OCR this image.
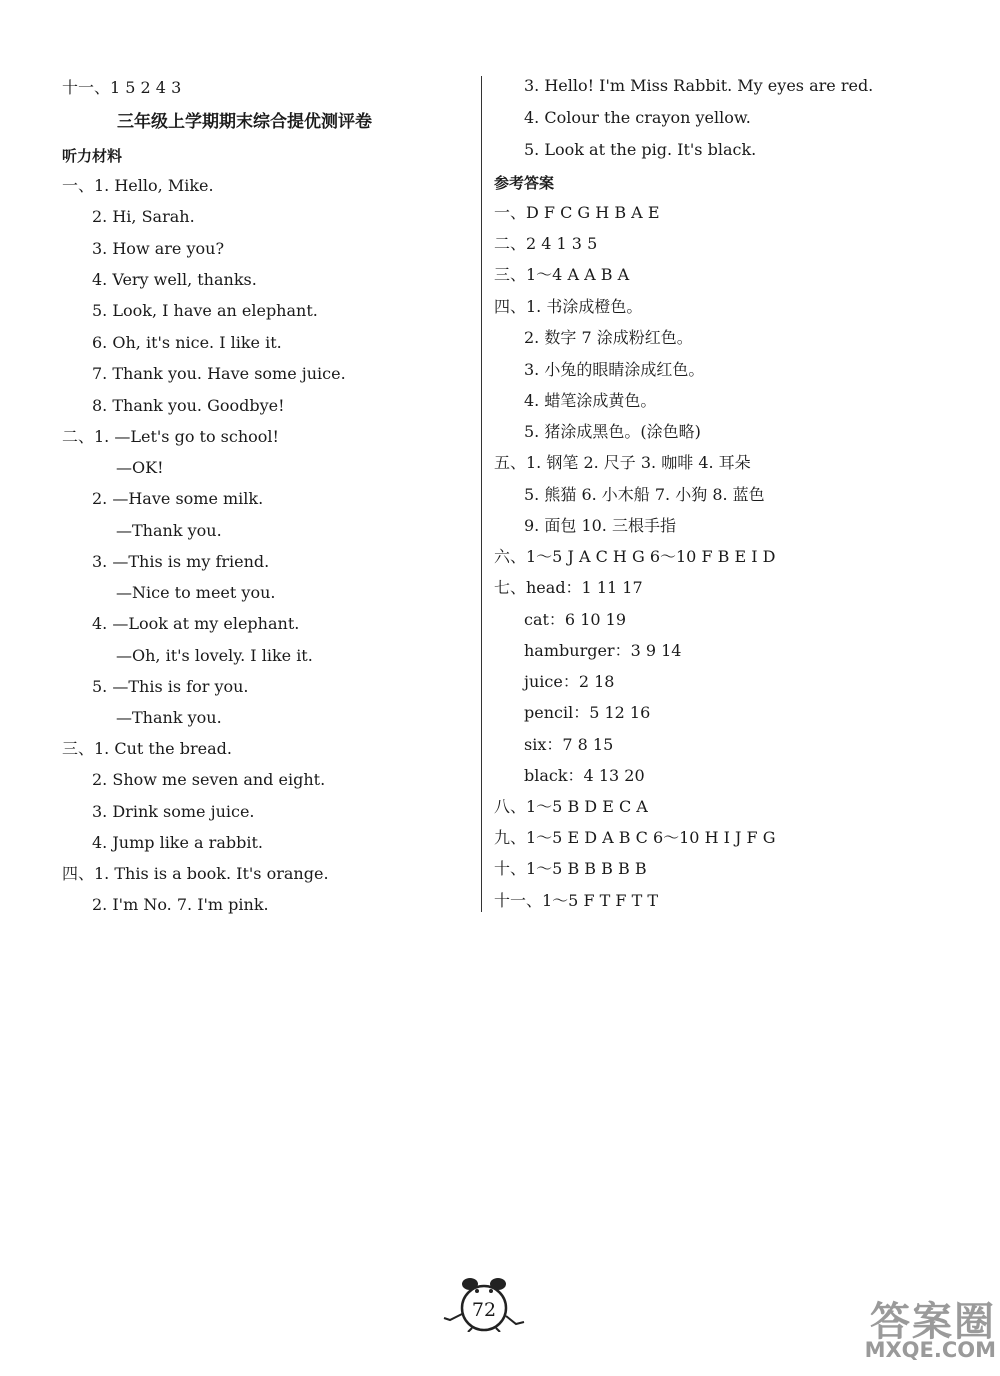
十一、1 5 2 4 3
三年级上学期期末综合提优测评卷
听力材料
一、1. Hello, Mike.
2. Hi, Sarah.
3. How are you?
4. Very well, thanks.
5. Look, I have an elephant.
6. Oh, it's nice. I like it.
7. Thank you. Have some juice.
8. Thank you. Goodbye!
二、1. —Let's go to school!
—OK!
2. —Have some milk.
—Thank you.
3. —This is my friend.
—Nice to meet you.
4. —Look at my elephant.
—Oh, it's lovely. I like it.
5. —This is for you.
—Thank you.
三、1. Cut the bread.
2. Show me seven and eight.
3. Drink some juice.
4. Jump like a rabbit.
四、1. This is a book. It's orange.
2. I'm No. 7. I'm pink.
3. Hello! I'm Miss Rabbit. My eyes are red.
4. Colour the crayon yellow.
5. Look at the pig. It's black.
参考答案
一、D F C G H B A E
二、2 4 1 3 5
三、1～4 A A B A
四、1. 书涂成橙色。
2. 数字 7 涂成粉红色。
3. 小兔的眼睛涂成红色。
4. 蜡笔涂成黄色。
5. 猪涂成黑色。(涂色略)
五、1. 钢笔 2. 尺子 3. 咖啡 4. 耳朵
5. 熊猫 6. 小木船 7. 小狗 8. 蓝色
9. 面包 10. 三根手指
六、1～5 J A C H G 6～10 F B E I D
七、head：1 11 17
cat：6 10 19
hamburger：3 9 14
juice：2 18
pencil：5 12 16
six：7 8 15
black：4 13 20
八、1～5 B D E C A
九、1～5 E D A B C 6～10 H I J F G
十、1～5 B B B B B
十一、1～5 F T F T T
72	答案圈
MXQE.COM
